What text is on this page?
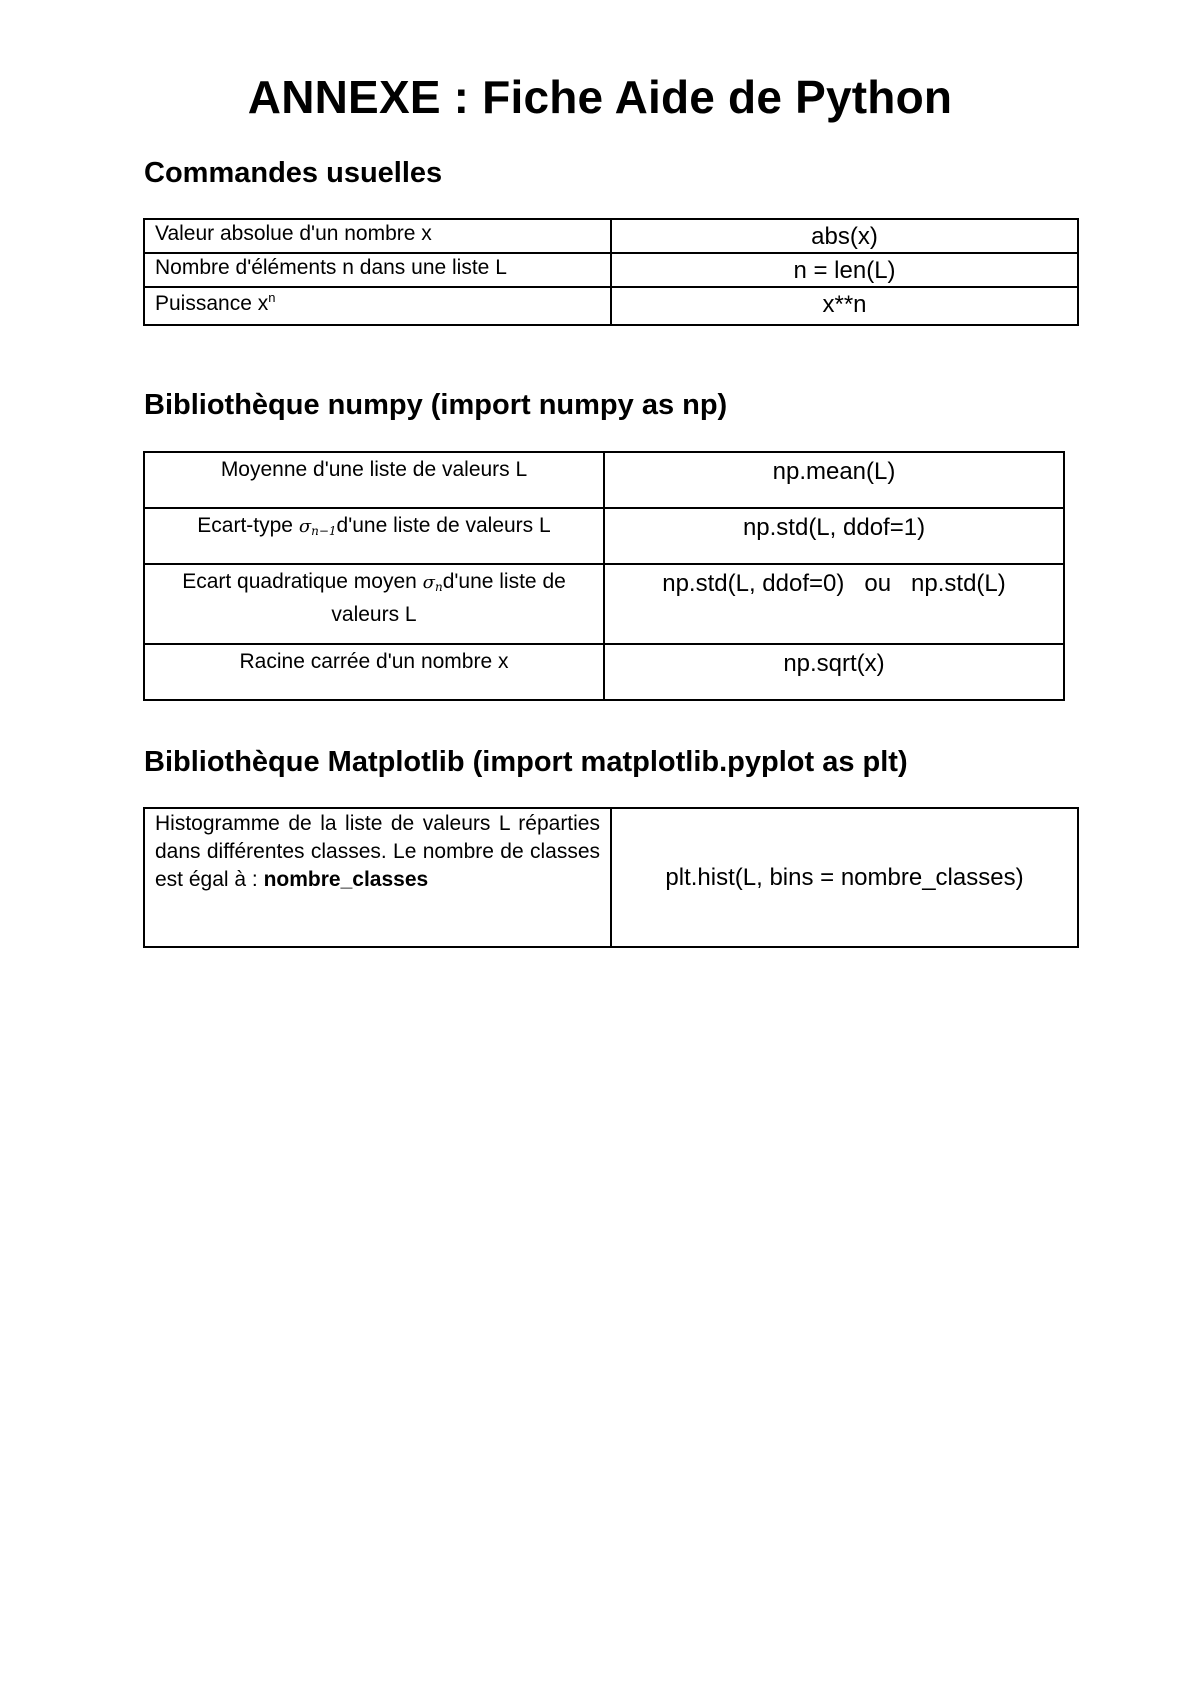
ANNEXE : Fiche Aide de Python
Commandes usuelles
Valeur absolue d'un nombre x	abs(x)
Nombre d'éléments n dans une liste L	n = len(L)
Puissance $x^n$	x**n
Bibliothèque numpy (import numpy as np)
Moyenne d'une liste de valeurs L	np.mean(L)
Ecart-type $\sigma_{n-1}d'une$ liste de valeurs L	np.std(L, ddof=1)
Ecart quadratique moyen $\sigma_nd'une$ liste de valeurs L	np.std(L, ddof=0)   ou   np.std(L)
Racine carrée d'un nombre x	np.sqrt(x)
Bibliothèque Matplotlib (import matplotlib.pyplot as plt)
Histogramme de la liste de valeurs L réparties dans différentes classes. Le nombre de classes est égal à : nombre_classes	plt.hist(L, bins = nombre_classes)
